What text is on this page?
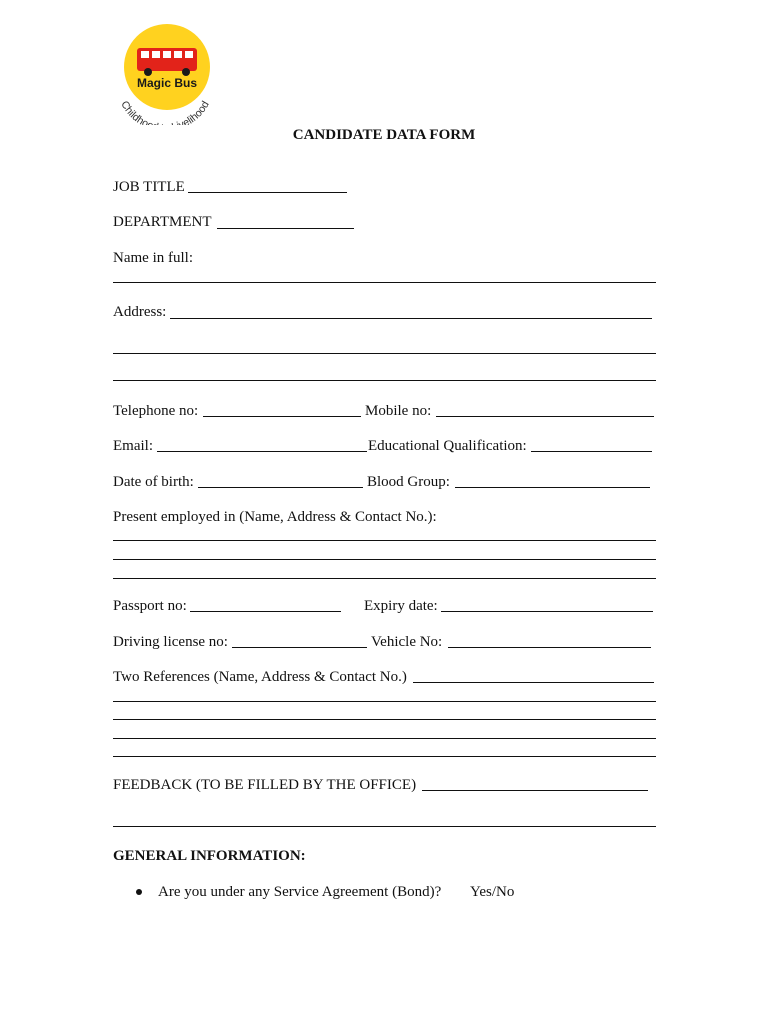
Magic Bus
Childho velihood
CANDIDATE DATA FORM
JOB TITLE
DEPARTMENT
Name in full:
Address:
Telephone no:	Mobile no:
Email:	Educational Qualification:
Date of birth:	Blood Group:
Present employed in (Name, Address & Contact No.):
Passport no:	Expiry date:
Driving license no:	Vehicle No:
Two References (Name, Address & Contact No.)
FEEDBACK (TO BE FILLED BY THE OFFICE)
GENERAL INFORMATION:
Are you under any Service Agreement (Bond)? Yes/No
